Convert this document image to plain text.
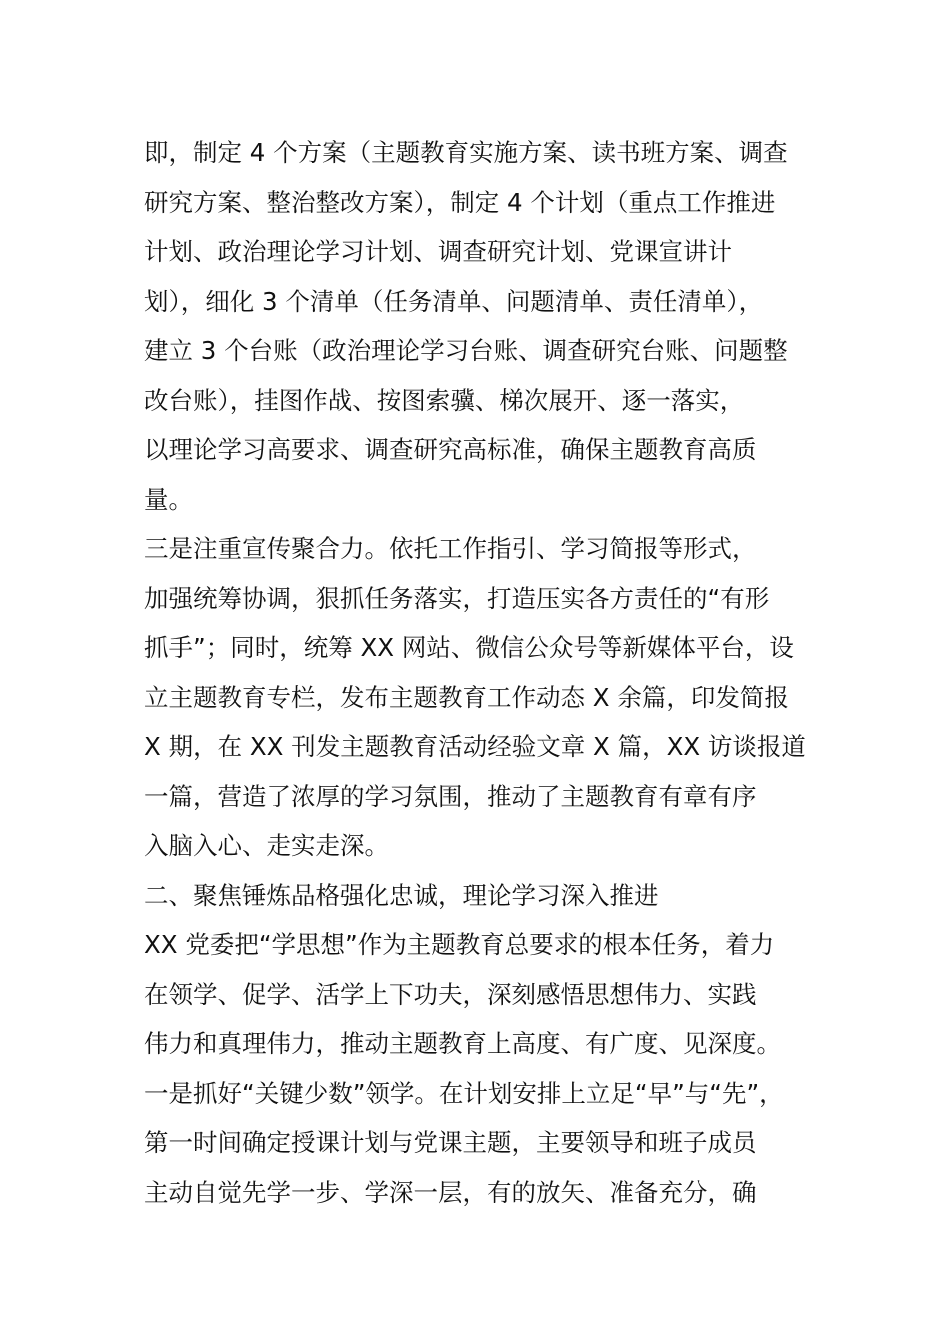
即，制定 4 个方案（主题教育实施方案、读书班方案、调查
研究方案、整治整改方案），制定 4 个计划（重点工作推进
计划、政治理论学习计划、调查研究计划、党课宣讲计
划），细化 3 个清单（任务清单、问题清单、责任清单），
建立 3 个台账（政治理论学习台账、调查研究台账、问题整
改台账），挂图作战、按图索骥、梯次展开、逐一落实，
以理论学习高要求、调查研究高标准，确保主题教育高质
量。
三是注重宣传聚合力。依托工作指引、学习简报等形式，
加强统筹协调，狠抓任务落实，打造压实各方责任的“有形
抓手”；同时，统筹 XX 网站、微信公众号等新媒体平台，设
立主题教育专栏，发布主题教育工作动态 X 余篇，印发简报
X 期，在 XX 刊发主题教育活动经验文章 X 篇，XX 访谈报道
一篇，营造了浓厚的学习氛围，推动了主题教育有章有序
入脑入心、走实走深。
二、聚焦锤炼品格强化忠诚，理论学习深入推进
XX 党委把“学思想”作为主题教育总要求的根本任务，着力
在领学、促学、活学上下功夫，深刻感悟思想伟力、实践
伟力和真理伟力，推动主题教育上高度、有广度、见深度。
一是抓好“关键少数”领学。在计划安排上立足“早”与“先”，
第一时间确定授课计划与党课主题，主要领导和班子成员
主动自觉先学一步、学深一层，有的放矢、准备充分，确
